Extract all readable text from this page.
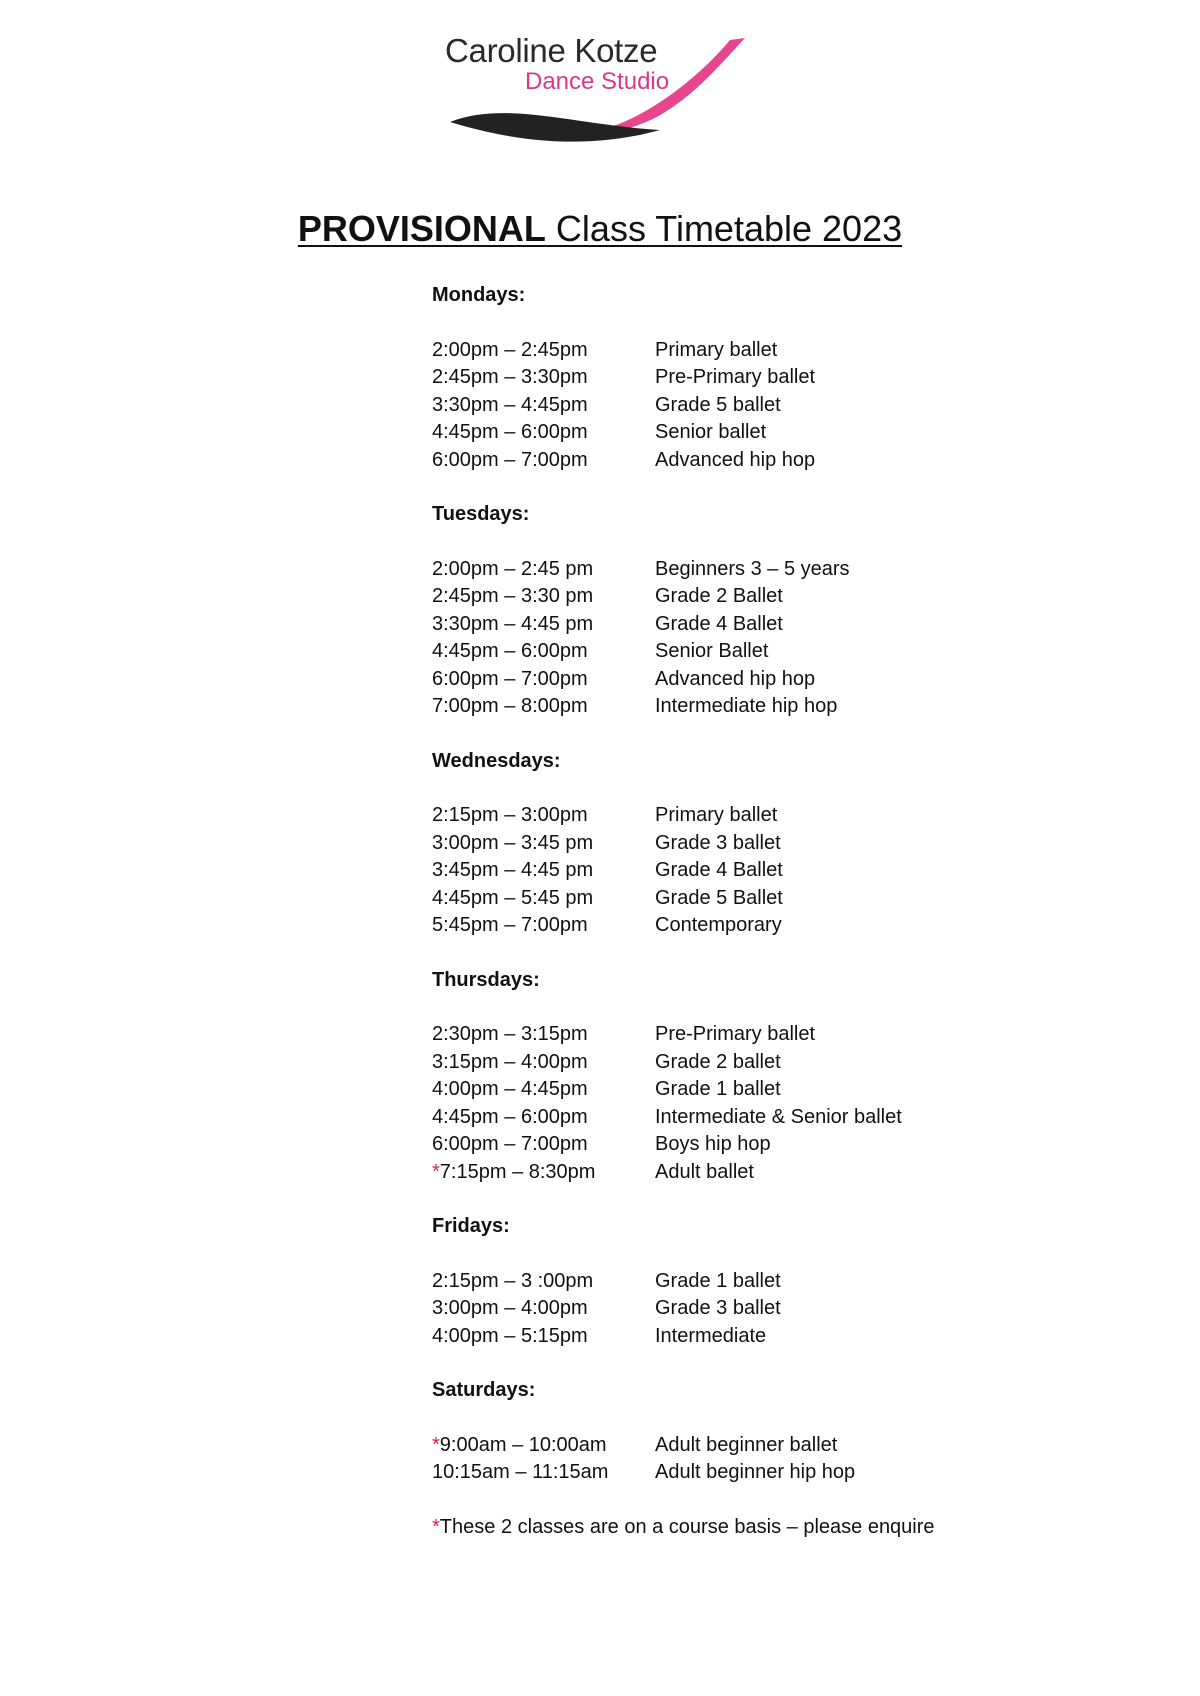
Caroline Kotze
Dance Studio
PROVISIONAL Class Timetable 2023
Mondays:
2:00pm – 2:45pm	Primary ballet
2:45pm – 3:30pm	Pre-Primary ballet
3:30pm – 4:45pm	Grade 5 ballet
4:45pm – 6:00pm	Senior ballet
6:00pm – 7:00pm	Advanced hip hop
Tuesdays:
2:00pm – 2:45 pm	Beginners 3 – 5 years
2:45pm – 3:30 pm	Grade 2 Ballet
3:30pm – 4:45 pm	Grade 4 Ballet
4:45pm – 6:00pm	Senior Ballet
6:00pm – 7:00pm	Advanced hip hop
7:00pm – 8:00pm	Intermediate hip hop
Wednesdays:
2:15pm – 3:00pm	Primary ballet
3:00pm – 3:45 pm	Grade 3 ballet
3:45pm – 4:45 pm	Grade 4 Ballet
4:45pm – 5:45 pm	Grade 5 Ballet
5:45pm – 7:00pm	Contemporary
Thursdays:
2:30pm – 3:15pm	Pre-Primary ballet
3:15pm – 4:00pm	Grade 2 ballet
4:00pm – 4:45pm	Grade 1 ballet
4:45pm – 6:00pm	Intermediate & Senior ballet
6:00pm – 7:00pm	Boys hip hop
*7:15pm – 8:30pm	Adult ballet
Fridays:
2:15pm – 3 :00pm	Grade 1 ballet
3:00pm – 4:00pm	Grade 3 ballet
4:00pm – 5:15pm	Intermediate
Saturdays:
*9:00am – 10:00am	Adult beginner ballet
10:15am – 11:15am	Adult beginner hip hop
*These 2 classes are on a course basis – please enquire
